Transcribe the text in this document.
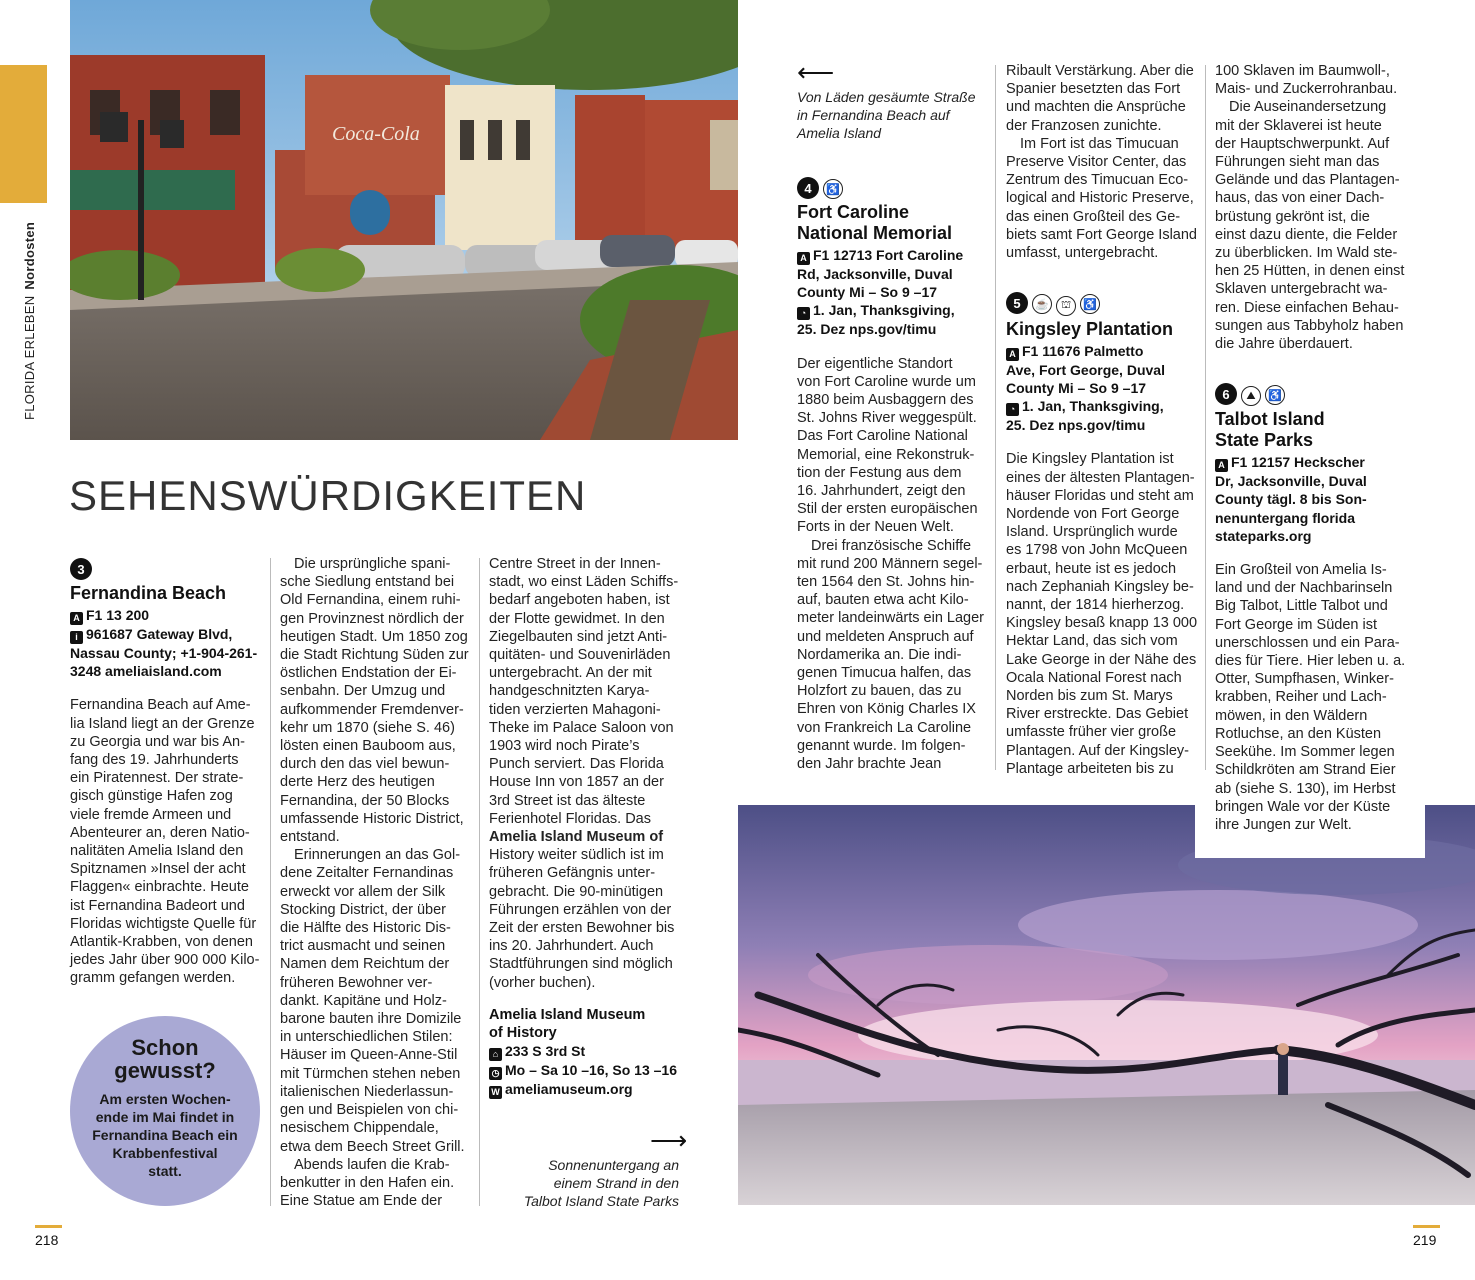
FLORIDA ERLEBENNordosten
Coca-Cola
SEHENSWÜRDIGKEITEN
3
Fernandina Beach
A F1 13 200
i 961687 Gateway Blvd,
Nassau County; +1-904-261-
3248 ameliaisland.com
Fernandina Beach auf Ame-
lia Island liegt an der Grenze
zu Georgia und war bis An-
fang des 19. Jahrhunderts
ein Piratennest. Der strate-
gisch günstige Hafen zog
viele fremde Armeen und
Abenteurer an, deren Natio-
nalitäten Amelia Island den
Spitznamen »Insel der acht
Flaggen« einbrachte. Heute
ist Fernandina Badeort und
Floridas wichtigste Quelle für
Atlantik-Krabben, von denen
jedes Jahr über 900 000 Kilo-
gramm gefangen werden.
Schon
gewusst?
Am ersten Wochen-
ende im Mai findet in
Fernandina Beach ein
Krabbenfestival
statt.
Die ursprüngliche spani-
sche Siedlung entstand bei
Old Fernandina, einem ruhi-
gen Provinznest nördlich der
heutigen Stadt. Um 1850 zog
die Stadt Richtung Süden zur
östlichen Endstation der Ei-
senbahn. Der Umzug und
aufkommender Fremdenver-
kehr um 1870 (siehe S. 46)
lösten einen Bauboom aus,
durch den das viel bewun-
derte Herz des heutigen
Fernandina, der 50 Blocks
umfassende Historic District,
entstand.
Erinnerungen an das Gol-
dene Zeitalter Fernandinas
erweckt vor allem der Silk
Stocking District, der über
die Hälfte des Historic Dis-
trict ausmacht und seinen
Namen dem Reichtum der
früheren Bewohner ver-
dankt. Kapitäne und Holz-
barone bauten ihre Domizile
in unterschiedlichen Stilen:
Häuser im Queen-Anne-Stil
mit Türmchen stehen neben
italienischen Niederlassun-
gen und Beispielen von chi-
nesischem Chippendale,
etwa dem Beech Street Grill.
Abends laufen die Krab-
benkutter in den Hafen ein.
Eine Statue am Ende der
Centre Street in der Innen-
stadt, wo einst Läden Schiffs-
bedarf angeboten haben, ist
der Flotte gewidmet. In den
Ziegelbauten sind jetzt Anti-
quitäten- und Souvenirläden
untergebracht. An der mit
handgeschnitzten Karya-
tiden verzierten Mahagoni-
Theke im Palace Saloon von
1903 wird noch Pirate’s
Punch serviert. Das Florida
House Inn von 1857 an der
3rd Street ist das älteste
Ferienhotel Floridas. Das
Amelia Island Museum of
History weiter südlich ist im
früheren Gefängnis unter-
gebracht. Die 90-minütigen
Führungen erzählen von der
Zeit der ersten Bewohner bis
ins 20. Jahrhundert. Auch
Stadtführungen sind möglich
(vorher buchen).
Amelia Island Museum
of History
⌂ 233 S 3rd St
◷ Mo – Sa 10 –16, So 13 –16
W ameliamuseum.org
⟶
Sonnenuntergang an
einem Strand in den
Talbot Island State Parks
⟵
Von Läden gesäumte Straße
in Fernandina Beach auf
Amelia Island
4 ♿
Fort Caroline
National Memorial
A F1 12713 Fort Caroline
Rd, Jacksonville, Duval
County Mi – So 9 –17
◔ 1. Jan, Thanksgiving,
25. Dez nps.gov/timu
Der eigentliche Standort
von Fort Caroline wurde um
1880 beim Ausbaggern des
St. Johns River weggespült.
Das Fort Caroline National
Memorial, eine Rekonstruk-
tion der Festung aus dem
16. Jahrhundert, zeigt den
Stil der ersten europäischen
Forts in der Neuen Welt.
Drei französische Schiffe
mit rund 200 Männern segel-
ten 1564 den St. Johns hin-
auf, bauten etwa acht Kilo-
meter landeinwärts ein Lager
und meldeten Anspruch auf
Nordamerika an. Die indi-
genen Timucua halfen, das
Holzfort zu bauen, das zu
Ehren von König Charles IX
von Frankreich La Caroline
genannt wurde. Im folgen-
den Jahr brachte Jean
Ribault Verstärkung. Aber die
Spanier besetzten das Fort
und machten die Ansprüche
der Franzosen zunichte.
Im Fort ist das Timucuan
Preserve Visitor Center, das
Zentrum des Timucuan Eco-
logical and Historic Preserve,
das einen Großteil des Ge-
biets samt Fort George Island
umfasst, untergebracht.
5 ☕ ⛫ ♿
Kingsley Plantation
A F1 11676 Palmetto
Ave, Fort George, Duval
County Mi – So 9 –17
◔ 1. Jan, Thanksgiving,
25. Dez nps.gov/timu
Die Kingsley Plantation ist
eines der ältesten Plantagen-
häuser Floridas und steht am
Nordende von Fort George
Island. Ursprünglich wurde
es 1798 von John McQueen
erbaut, heute ist es jedoch
nach Zephaniah Kingsley be-
nannt, der 1814 hierherzog.
Kingsley besaß knapp 13 000
Hektar Land, das sich vom
Lake George in der Nähe des
Ocala National Forest nach
Norden bis zum St. Marys
River erstreckte. Das Gebiet
umfasste früher vier große
Plantagen. Auf der Kingsley-
Plantage arbeiteten bis zu
100 Sklaven im Baumwoll-,
Mais- und Zuckerrohranbau.
Die Auseinandersetzung
mit der Sklaverei ist heute
der Hauptschwerpunkt. Auf
Führungen sieht man das
Gelände und das Plantagen-
haus, das von einer Dach-
brüstung gekrönt ist, die
einst dazu diente, die Felder
zu überblicken. Im Wald ste-
hen 25 Hütten, in denen einst
Sklaven untergebracht wa-
ren. Diese einfachen Behau-
sungen aus Tabbyholz haben
die Jahre überdauert.
6 ⛰ ♿
Talbot Island
State Parks
A F1 12157 Heckscher
Dr, Jacksonville, Duval
County tägl. 8 bis Son-
nenuntergang florida
stateparks.org
Ein Großteil von Amelia Is-
land und der Nachbarinseln
Big Talbot, Little Talbot und
Fort George im Süden ist
unerschlossen und ein Para-
dies für Tiere. Hier leben u. a.
Otter, Sumpfhasen, Winker-
krabben, Reiher und Lach-
möwen, in den Wäldern
Rotluchse, an den Küsten
Seekühe. Im Sommer legen
Schildkröten am Strand Eier
ab (siehe S. 130), im Herbst
bringen Wale vor der Küste
ihre Jungen zur Welt.
218	219
